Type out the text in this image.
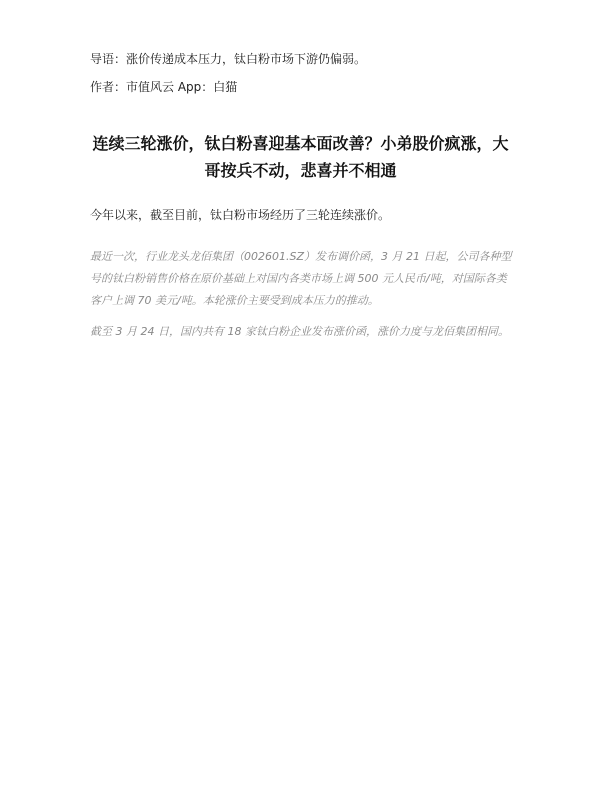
导语：涨价传递成本压力，钛白粉市场下游仍偏弱。
作者：市值风云 App：白猫
连续三轮涨价，钛白粉喜迎基本面改善？小弟股价疯涨，大哥按兵不动，悲喜并不相通

今年以来，截至目前，钛白粉市场经历了三轮连续涨价。

最近一次，行业龙头龙佰集团（002601.SZ）发布调价函，3 月 21 日起，公司各种型号的钛白粉销售价格在原价基础上对国内各类市场上调 500 元人民币/吨，对国际各类客户上调 70 美元/吨。本轮涨价主要受到成本压力的推动。

截至 3 月 24 日，国内共有 18 家钛白粉企业发布涨价函，涨价力度与龙佰集团相同。
